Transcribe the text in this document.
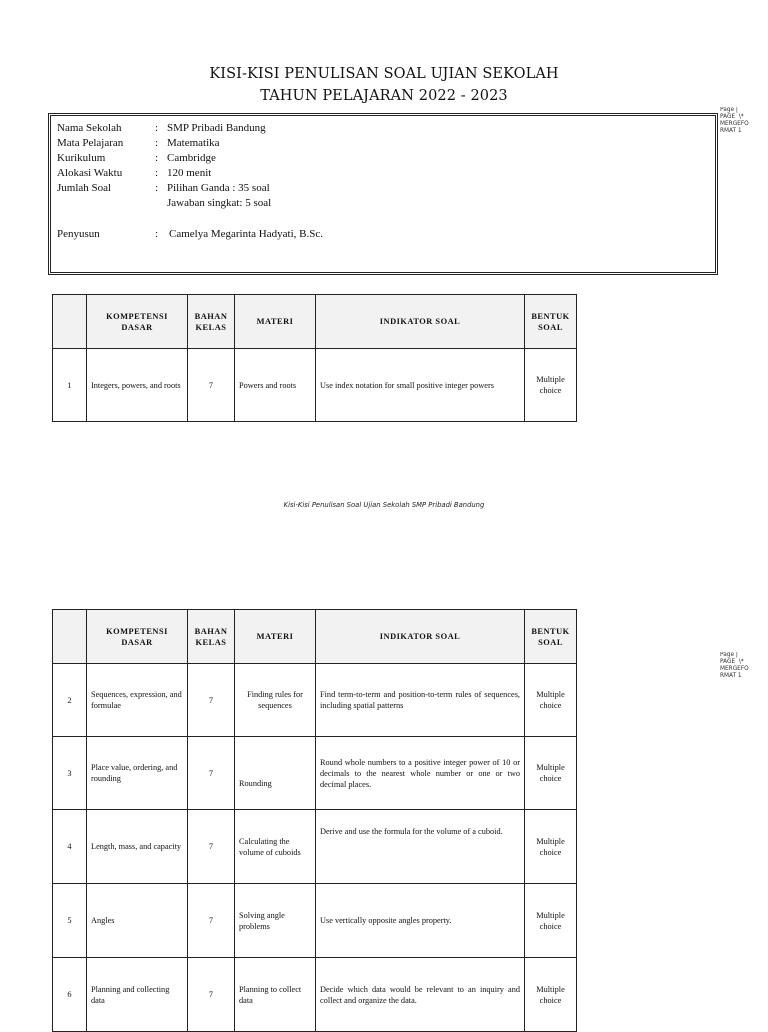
KISI-KISI PENULISAN SOAL UJIAN SEKOLAH
TAHUN PELAJARAN 2022 - 2023
Nama Sekolah	: SMP Pribadi Bandung
Mata Pelajaran	: Matematika
Kurikulum	: Cambridge
Alokasi Waktu	: 120 menit
Jumlah Soal	: Pilihan Ganda : 35 soal
Jawaban singkat: 5 soal
Penyusun	: Camelya Megarinta Hadyati, B.Sc.
Page |
PAGE  \*
MERGEFO
RMAT 1
Page |
PAGE  \*
MERGEFO
RMAT 1
	KOMPETENSI DASAR	BAHAN KELAS	MATERI	INDIKATOR SOAL	BENTUK SOAL
1	Integers, powers, and roots	7	Powers and roots	Use index notation for small positive integer powers	Multiple choice
Kisi-Kisi Penulisan Soal Ujian Sekolah SMP Pribadi Bandung
	KOMPETENSI DASAR	BAHAN KELAS	MATERI	INDIKATOR SOAL	BENTUK SOAL
2	Sequences, expression, and formulae	7	Finding rules for sequences	Find term-to-term and position-to-term rules of sequences, including spatial patterns	Multiple choice
3	Place value, ordering, and rounding	7	Rounding	Round whole numbers to a positive integer power of 10 or decimals to the nearest whole number or one or two decimal places.	Multiple choice
4	Length, mass, and capacity	7	Calculating the volume of cuboids	Derive and use the formula for the volume of a cuboid.	Multiple choice
5	Angles	7	Solving angle problems	Use vertically opposite angles property.	Multiple choice
6	Planning and collecting data	7	Planning to collect data	Decide which data would be relevant to an inquiry and collect and organize the data.	Multiple choice
